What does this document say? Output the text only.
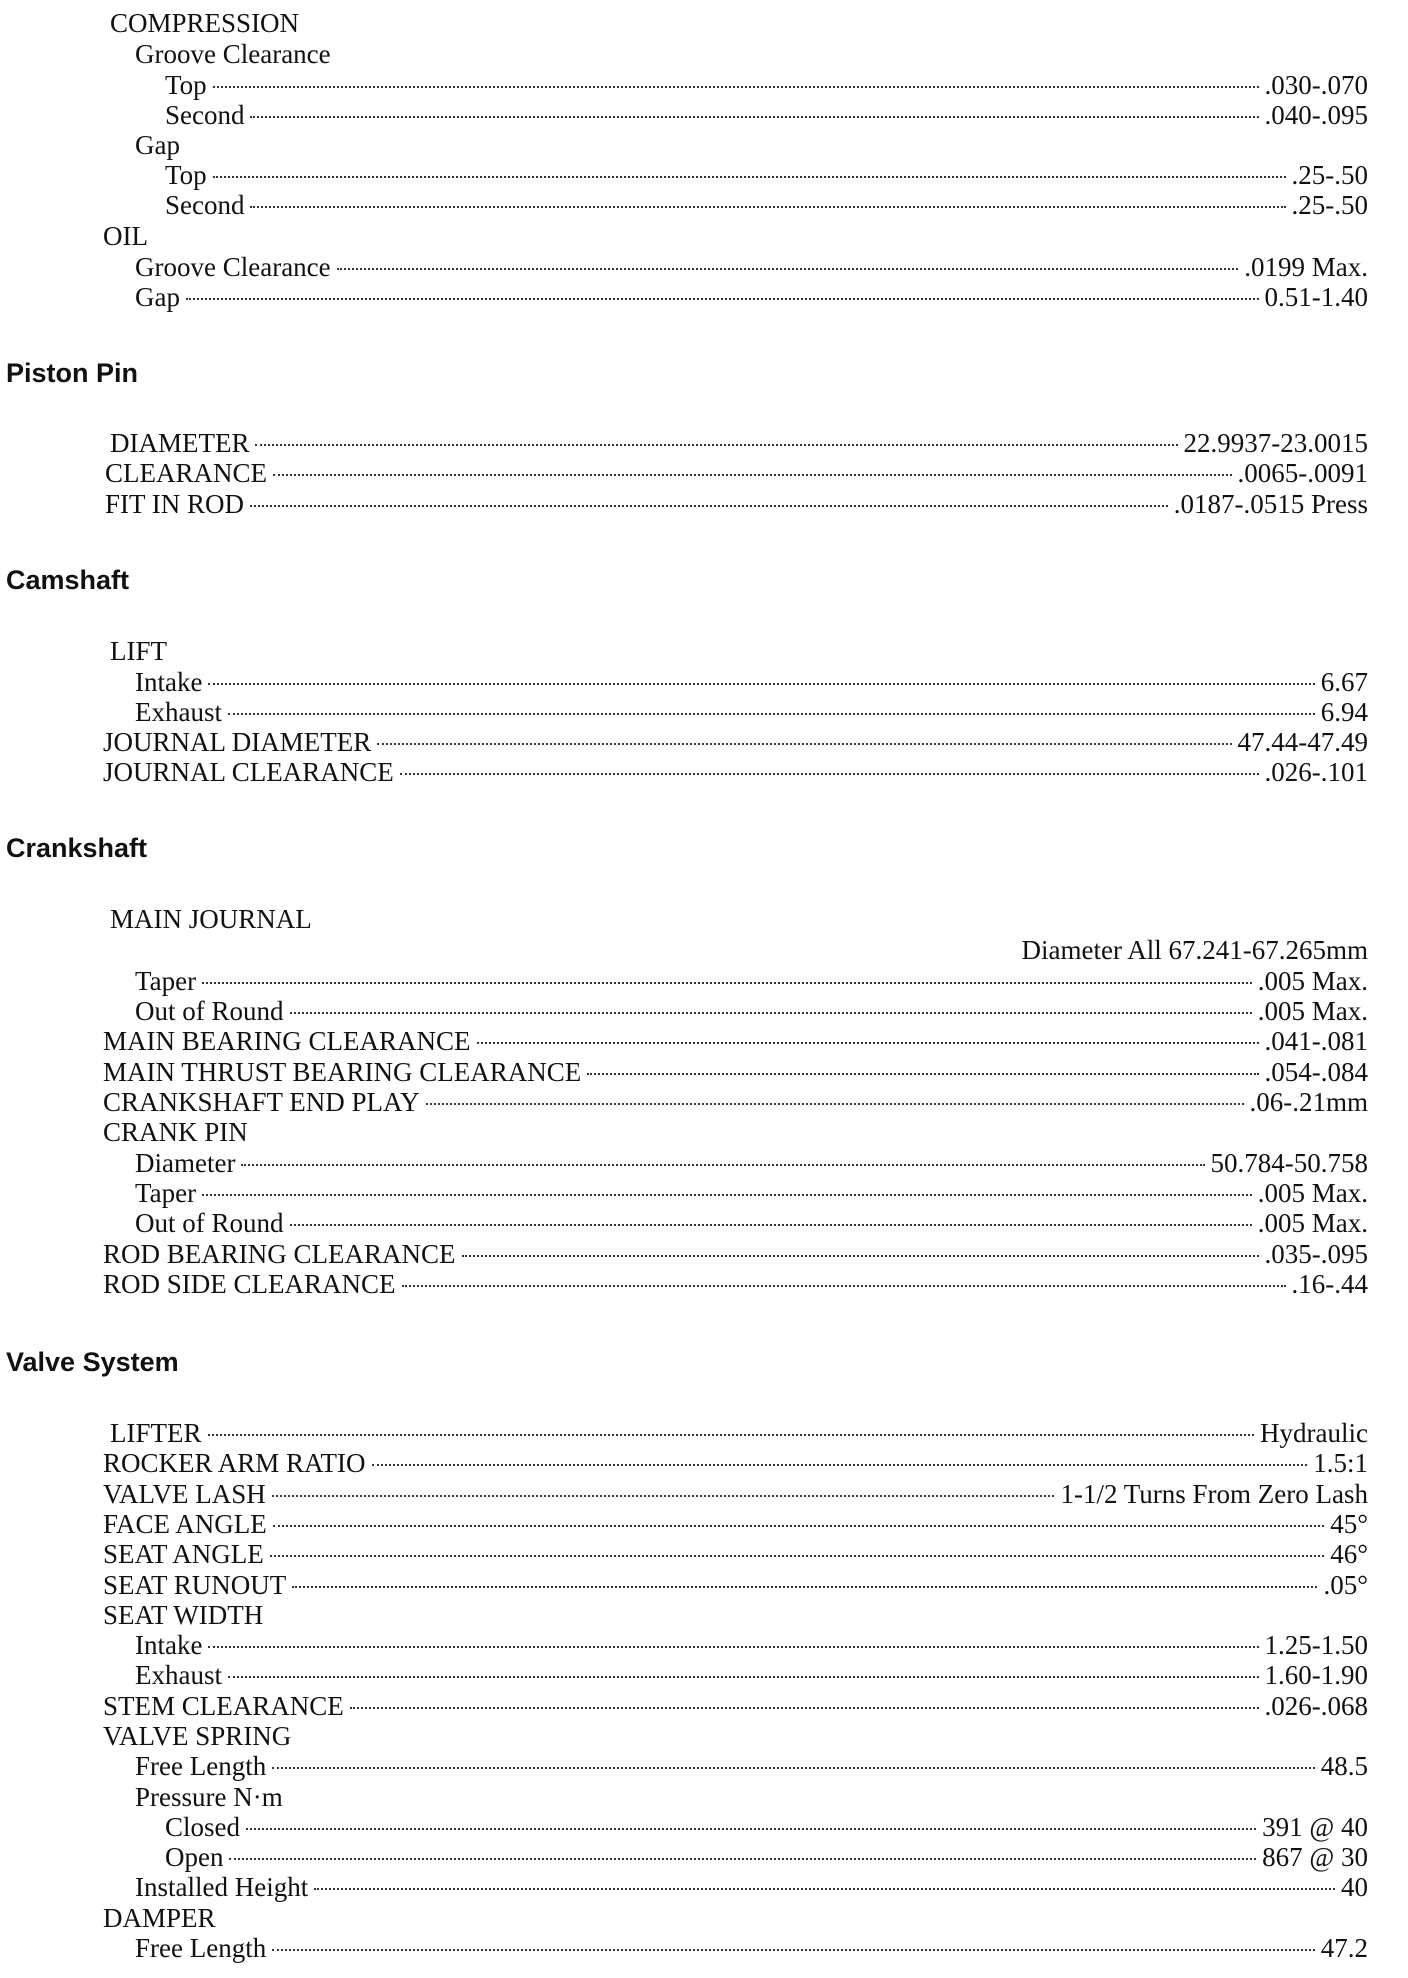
COMPRESSION
Groove Clearance
Top	.030-.070
Second	.040-.095
Gap
Top	.25-.50
Second	.25-.50
OIL
Groove Clearance	.0199 Max.
Gap	0.51-1.40
Piston Pin
DIAMETER	22.9937-23.0015
CLEARANCE	.0065-.0091
FIT IN ROD	.0187-.0515 Press
Camshaft
LIFT
Intake	6.67
Exhaust	6.94
JOURNAL DIAMETER	47.44-47.49
JOURNAL CLEARANCE	.026-.101
Crankshaft
MAIN JOURNAL
Diameter All 67.241-67.265mm
Taper	.005 Max.
Out of Round	.005 Max.
MAIN BEARING CLEARANCE	.041-.081
MAIN THRUST BEARING CLEARANCE	.054-.084
CRANKSHAFT END PLAY	.06-.21mm
CRANK PIN
Diameter	50.784-50.758
Taper	.005 Max.
Out of Round	.005 Max.
ROD BEARING CLEARANCE	.035-.095
ROD SIDE CLEARANCE	.16-.44
Valve System
LIFTER	Hydraulic
ROCKER ARM RATIO	1.5:1
VALVE LASH	1-1/2 Turns From Zero Lash
FACE ANGLE	45°
SEAT ANGLE	46°
SEAT RUNOUT	.05°
SEAT WIDTH
Intake	1.25-1.50
Exhaust	1.60-1.90
STEM CLEARANCE	.026-.068
VALVE SPRING
Free Length	48.5
Pressure N·m
Closed	391 @ 40
Open	867 @ 30
Installed Height	40
DAMPER
Free Length	47.2
